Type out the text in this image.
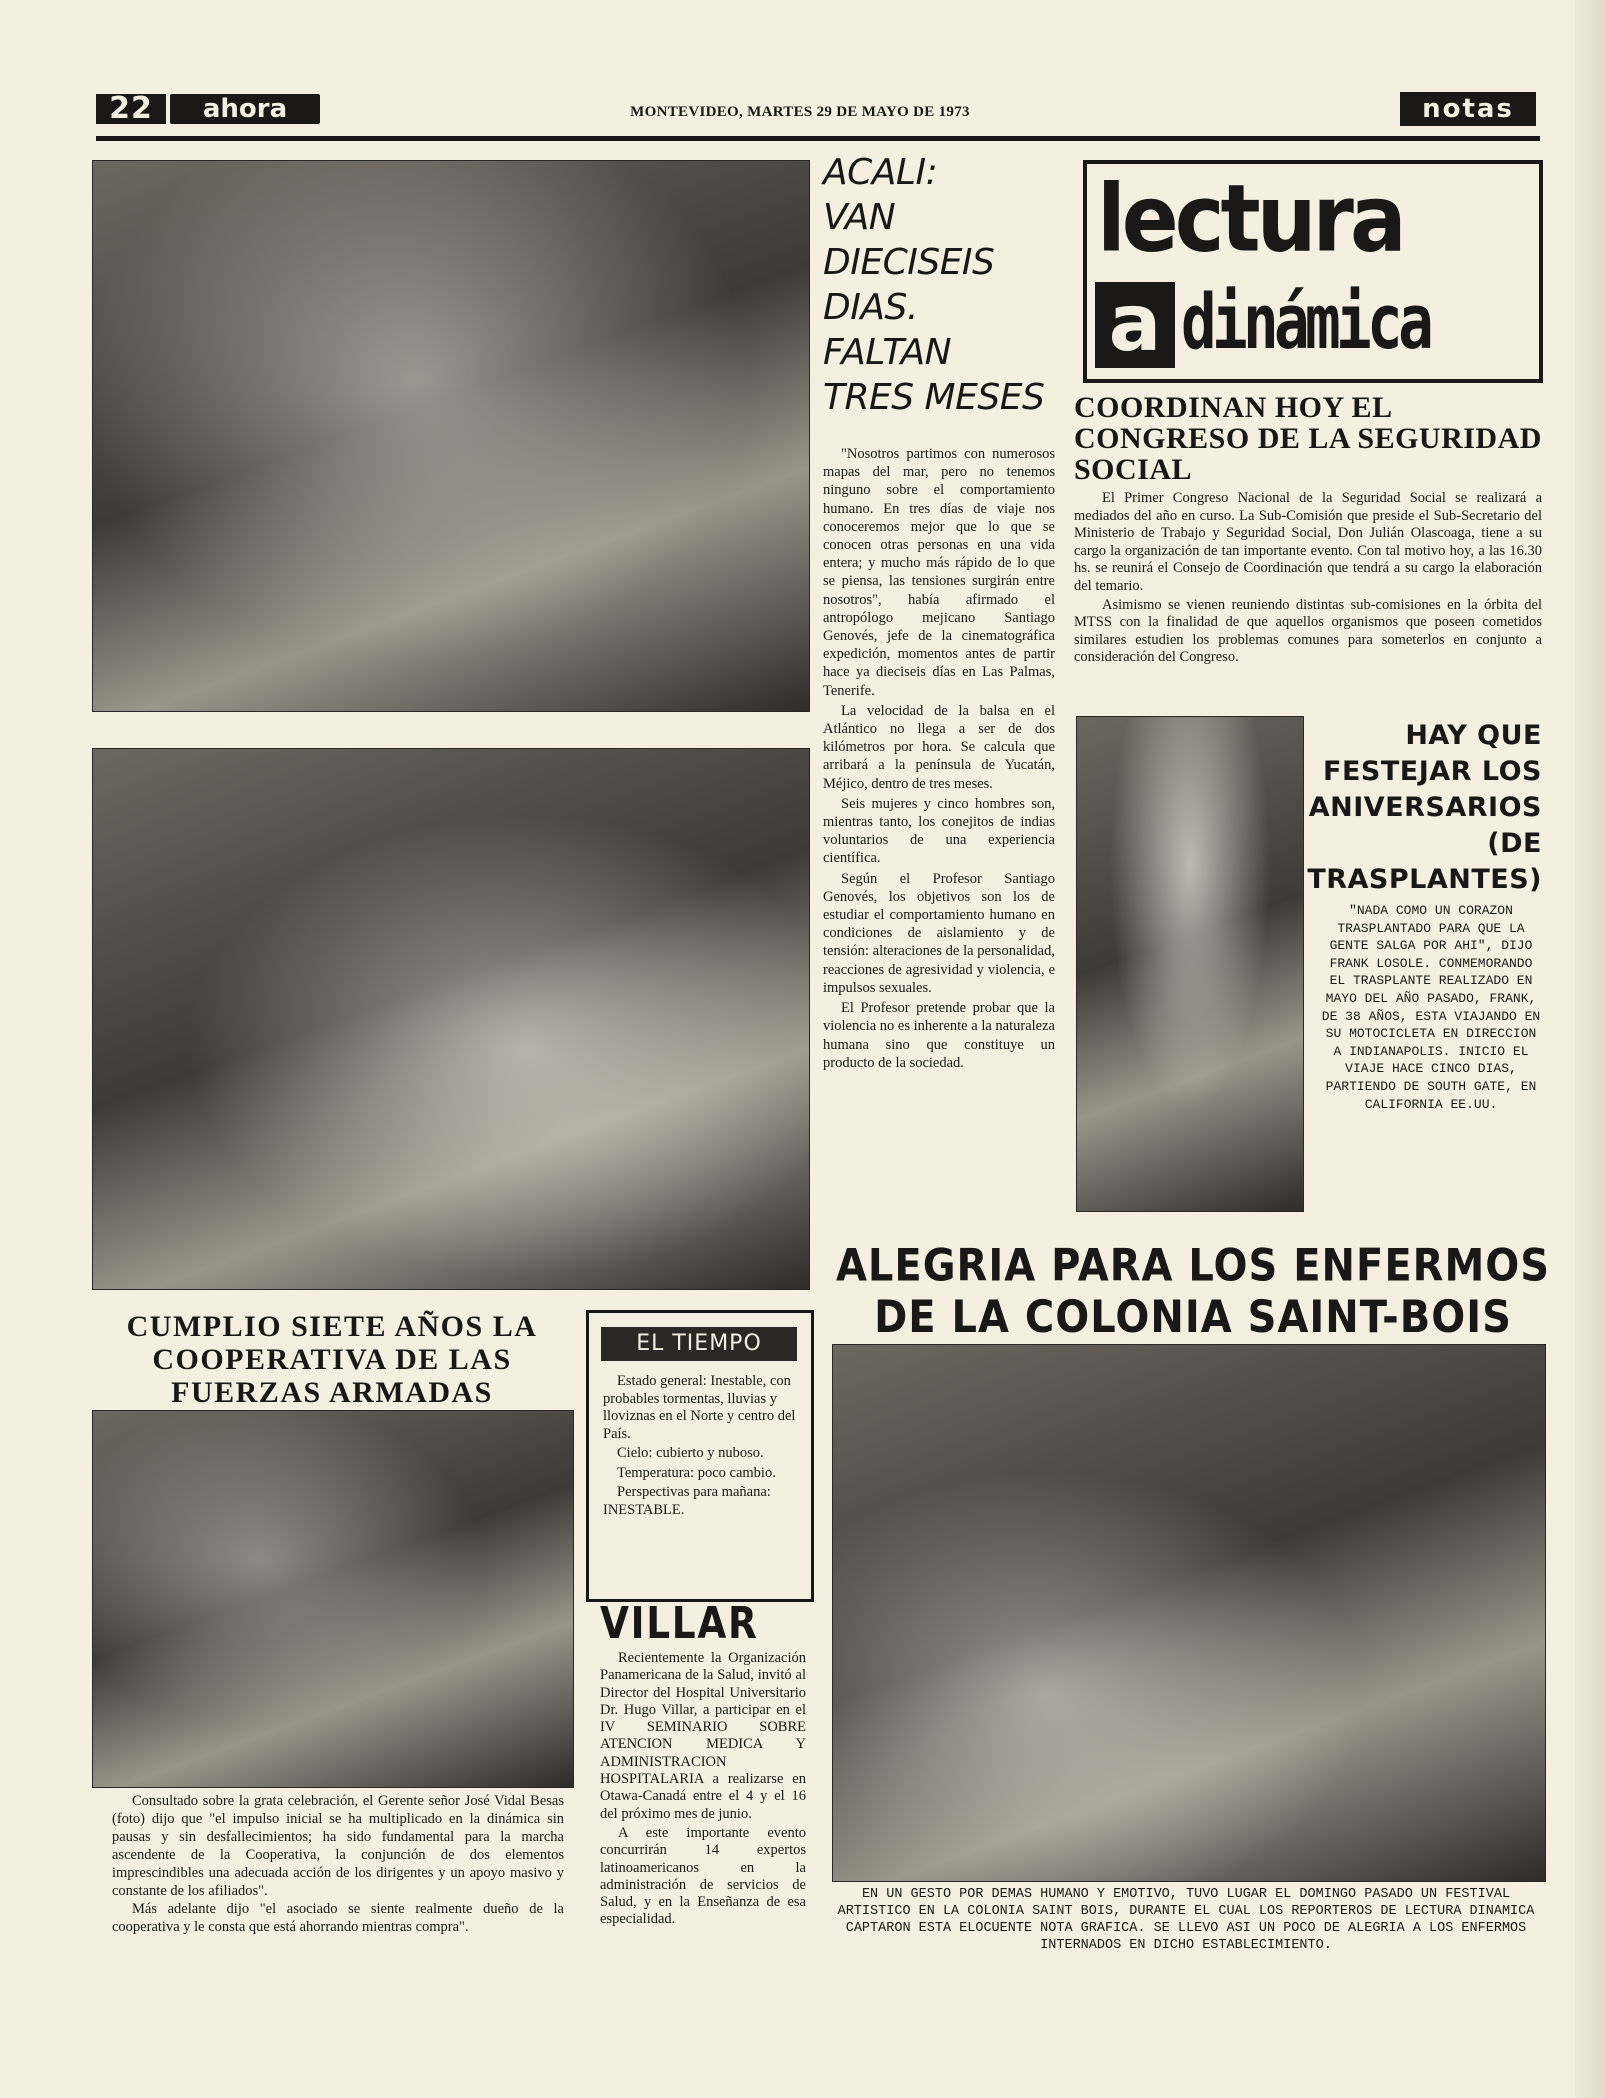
22	ahora	MONTEVIDEO, MARTES 29 DE MAYO DE 1973	notas
ACALI:
VAN
DIECISEIS
DIAS.
FALTAN
TRES MESES

"Nosotros partimos con numerosos mapas del mar, pero no tenemos ninguno sobre el comportamiento humano. En tres días de viaje nos conoceremos mejor que lo que se conocen otras personas en una vida entera; y mucho más rápido de lo que se piensa, las tensiones surgirán entre nosotros", había afirmado el antropólogo mejicano Santiago Genovés, jefe de la cinematográfica expedición, momentos antes de partir hace ya dieciseis días en Las Palmas, Tenerife.

La velocidad de la balsa en el Atlántico no llega a ser de dos kilómetros por hora. Se calcula que arribará a la península de Yucatán, Méjico, dentro de tres meses.

Seis mujeres y cinco hombres son, mientras tanto, los conejitos de indias voluntarios de una experiencia científica.

Según el Profesor Santiago Genovés, los objetivos son los de estudiar el comportamiento humano en condiciones de aislamiento y de tensión: alteraciones de la personalidad, reacciones de agresividad y violencia, e impulsos sexuales.

El Profesor pretende probar que la violencia no es inherente a la naturaleza humana sino que constituye un producto de la sociedad.

lectura
a dinámica
COORDINAN HOY EL CONGRESO DE LA SEGURIDAD SOCIAL

El Primer Congreso Nacional de la Seguridad Social se realizará a mediados del año en curso. La Sub-Comisión que preside el Sub-Secretario del Ministerio de Trabajo y Seguridad Social, Don Julián Olascoaga, tiene a su cargo la organización de tan importante evento. Con tal motivo hoy, a las 16.30 hs. se reunirá el Consejo de Coordinación que tendrá a su cargo la elaboración del temario.

Asimismo se vienen reuniendo distintas sub-comisiones en la órbita del MTSS con la finalidad de que aquellos organismos que poseen cometidos similares estudien los problemas comunes para someterlos en conjunto a consideración del Congreso.

HAY QUE FESTEJAR LOS ANIVERSARIOS (DE TRASPLANTES)
"NADA COMO UN CORAZON TRASPLANTADO PARA QUE LA GENTE SALGA POR AHI", DIJO FRANK LOSOLE. CONMEMORANDO EL TRASPLANTE REALIZADO EN MAYO DEL AÑO PASADO, FRANK, DE 38 AÑOS, ESTA VIAJANDO EN SU MOTOCICLETA EN DIRECCION A INDIANAPOLIS. INICIO EL VIAJE HACE CINCO DIAS, PARTIENDO DE SOUTH GATE, EN CALIFORNIA EE.UU.
ALEGRIA PARA LOS ENFERMOS
DE LA COLONIA SAINT-BOIS
EN UN GESTO POR DEMAS HUMANO Y EMOTIVO, TUVO LUGAR EL DOMINGO PASADO UN FESTIVAL ARTISTICO EN LA COLONIA SAINT BOIS, DURANTE EL CUAL LOS REPORTEROS DE LECTURA DINAMICA CAPTARON ESTA ELOCUENTE NOTA GRAFICA. SE LLEVO ASI UN POCO DE ALEGRIA A LOS ENFERMOS INTERNADOS EN DICHO ESTABLECIMIENTO.
CUMPLIO SIETE AÑOS LA COOPERATIVA DE LAS FUERZAS ARMADAS

Consultado sobre la grata celebración, el Gerente señor José Vidal Besas (foto) dijo que "el impulso inicial se ha multiplicado en la dinámica sin pausas y sin desfallecimientos; ha sido fundamental para la marcha ascendente de la Cooperativa, la conjunción de dos elementos imprescindibles una adecuada acción de los dirigentes y un apoyo masivo y constante de los afiliados".

Más adelante dijo "el asociado se siente realmente dueño de la cooperativa y le consta que está ahorrando mientras compra".

EL TIEMPO

Estado general: Inestable, con probables tormentas, lluvias y lloviznas en el Norte y centro del País.

Cielo: cubierto y nuboso.

Temperatura: poco cambio.

Perspectivas para mañana: INESTABLE.

VILLAR

Recientemente la Organización Panamericana de la Salud, invitó al Director del Hospital Universitario Dr. Hugo Villar, a participar en el IV SEMINARIO SOBRE ATENCION MEDICA Y ADMINISTRACION HOSPITALARIA a realizarse en Otawa-Canadá entre el 4 y el 16 del próximo mes de junio.

A este importante evento concurrirán 14 expertos latinoamericanos en la administración de servicios de Salud, y en la Enseñanza de esa especialidad.
